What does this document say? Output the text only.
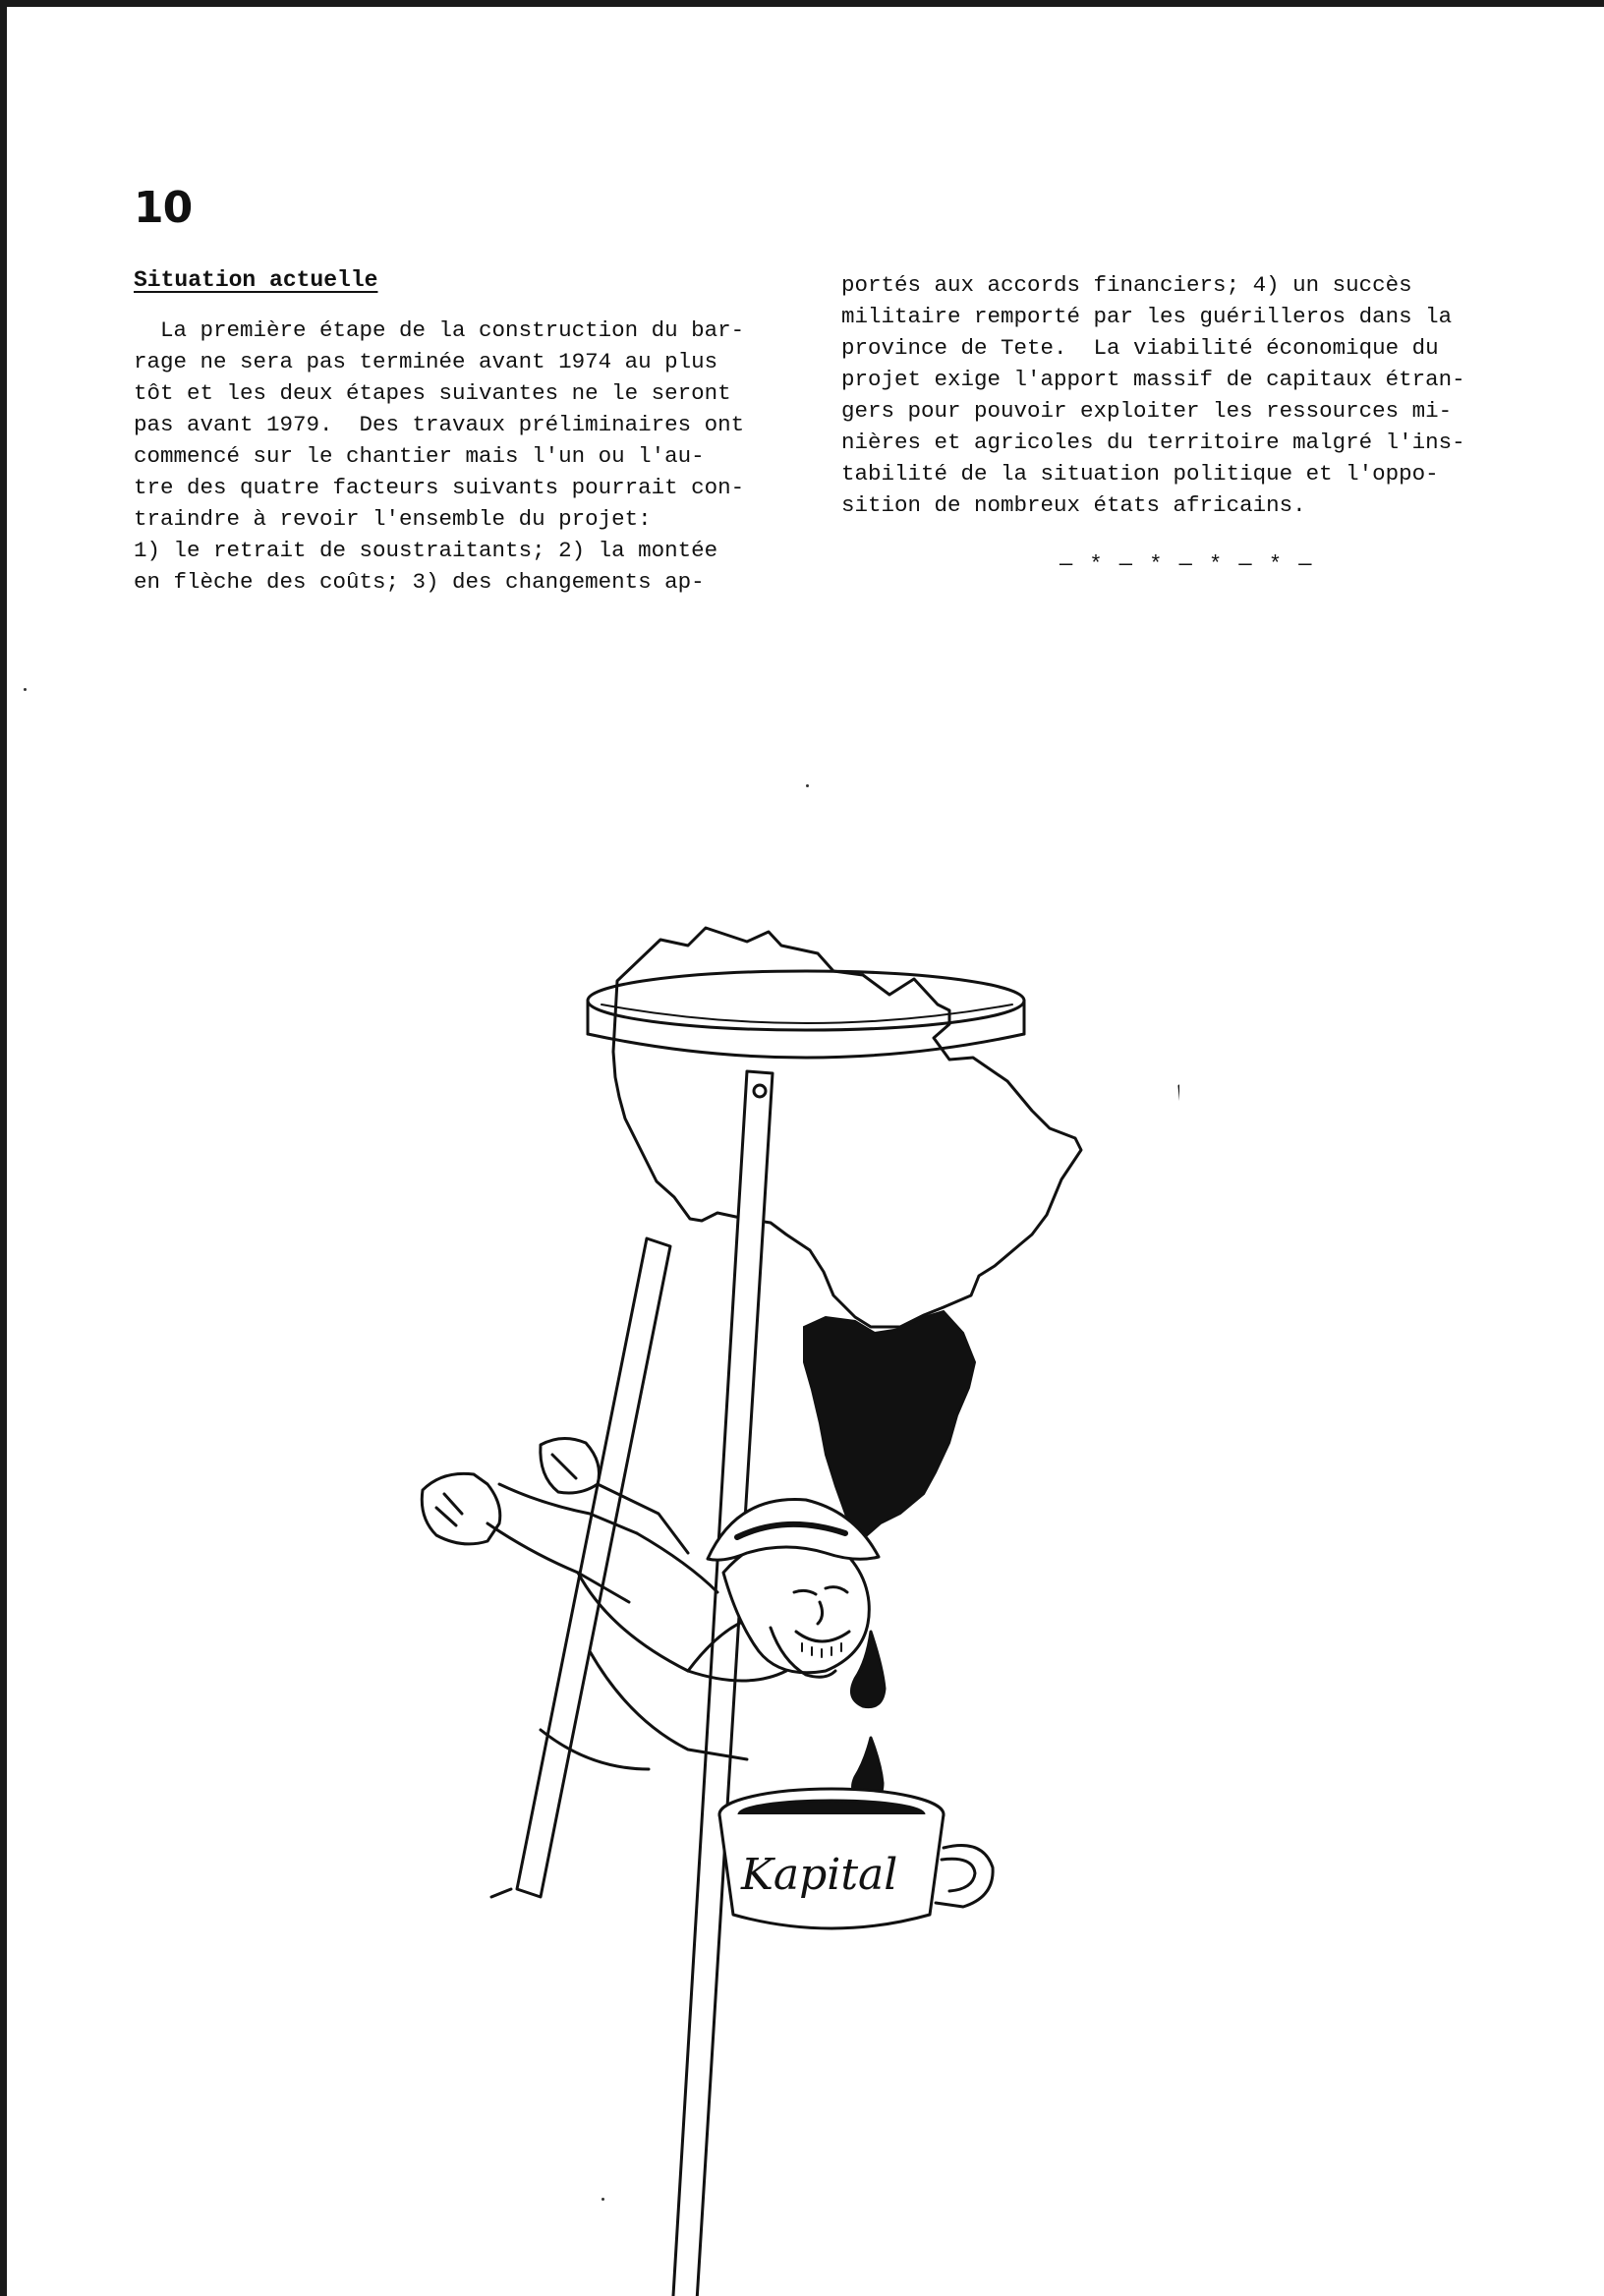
10
Situation actuelle
La première étape de la construction du bar-
rage ne sera pas terminée avant 1974 au plus
tôt et les deux étapes suivantes ne le seront
pas avant 1979.  Des travaux préliminaires ont
commencé sur le chantier mais l'un ou l'au-
tre des quatre facteurs suivants pourrait con-
traindre à revoir l'ensemble du projet:
1) le retrait de soustraitants; 2) la montée
en flèche des coûts; 3) des changements ap-
portés aux accords financiers; 4) un succès
militaire remporté par les guérilleros dans la
province de Tete.  La viabilité économique du
projet exige l'apport massif de capitaux étran-
gers pour pouvoir exploiter les ressources mi-
nières et agricoles du territoire malgré l'ins-
tabilité de la situation politique et l'oppo-
sition de nombreux états africains.
— * — * — * — * —
Kapital
